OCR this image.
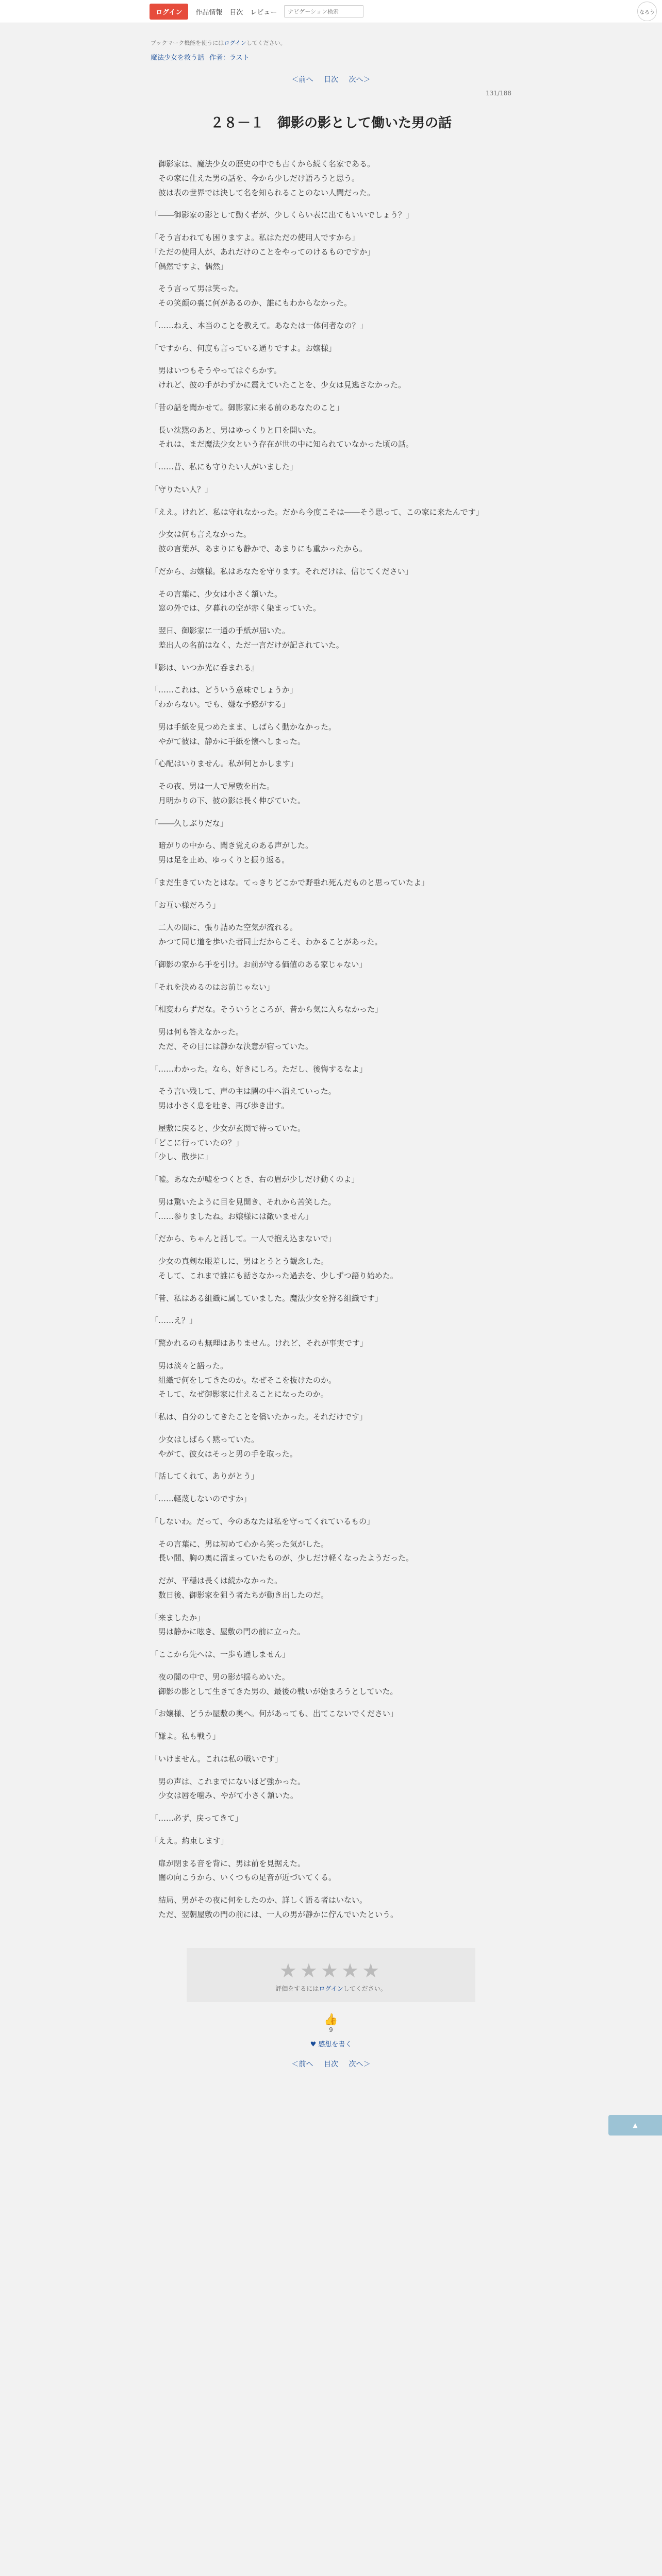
ログイン	作品情報 目次 レビュー
ナビゲーション検索	なろう
ブックマーク機能を使うにはログインしてください。
魔法少女を救う話 作者：ラスト
＜前へ 目次 次へ＞
131/188
２８－１　御影の影として働いた男の話

　御影家は、魔法少女の歴史の中でも古くから続く名家である。
　その家に仕えた男の話を、今から少しだけ語ろうと思う。
　彼は表の世界では決して名を知られることのない人間だった。

「――御影家の影として動く者が、少しくらい表に出てもいいでしょう？」

「そう言われても困りますよ。私はただの使用人ですから」
「ただの使用人が、あれだけのことをやってのけるものですか」
「偶然ですよ、偶然」

　そう言って男は笑った。
　その笑顔の裏に何があるのか、誰にもわからなかった。

「……ねえ、本当のことを教えて。あなたは一体何者なの？」

「ですから、何度も言っている通りですよ。お嬢様」

　男はいつもそうやってはぐらかす。
　けれど、彼の手がわずかに震えていたことを、少女は見逃さなかった。

「昔の話を聞かせて。御影家に来る前のあなたのこと」

　長い沈黙のあと、男はゆっくりと口を開いた。
　それは、まだ魔法少女という存在が世の中に知られていなかった頃の話。

「……昔、私にも守りたい人がいました」

「守りたい人？」

「ええ。けれど、私は守れなかった。だから今度こそは――そう思って、この家に来たんです」

　少女は何も言えなかった。
　彼の言葉が、あまりにも静かで、あまりにも重かったから。

「だから、お嬢様。私はあなたを守ります。それだけは、信じてください」

　その言葉に、少女は小さく頷いた。
　窓の外では、夕暮れの空が赤く染まっていた。

　翌日、御影家に一通の手紙が届いた。
　差出人の名前はなく、ただ一言だけが記されていた。

『影は、いつか光に呑まれる』

「……これは、どういう意味でしょうか」
「わからない。でも、嫌な予感がする」

　男は手紙を見つめたまま、しばらく動かなかった。
　やがて彼は、静かに手紙を懐へしまった。

「心配はいりません。私が何とかします」

　その夜、男は一人で屋敷を出た。
　月明かりの下、彼の影は長く伸びていた。

「――久しぶりだな」

　暗がりの中から、聞き覚えのある声がした。
　男は足を止め、ゆっくりと振り返る。

「まだ生きていたとはな。てっきりどこかで野垂れ死んだものと思っていたよ」

「お互い様だろう」

　二人の間に、張り詰めた空気が流れる。
　かつて同じ道を歩いた者同士だからこそ、わかることがあった。

「御影の家から手を引け。お前が守る価値のある家じゃない」

「それを決めるのはお前じゃない」

「相変わらずだな。そういうところが、昔から気に入らなかった」

　男は何も答えなかった。
　ただ、その目には静かな決意が宿っていた。

「……わかった。なら、好きにしろ。ただし、後悔するなよ」

　そう言い残して、声の主は闇の中へ消えていった。
　男は小さく息を吐き、再び歩き出す。

　屋敷に戻ると、少女が玄関で待っていた。
「どこに行っていたの？」
「少し、散歩に」

「嘘。あなたが嘘をつくとき、右の眉が少しだけ動くのよ」

　男は驚いたように目を見開き、それから苦笑した。
「……参りましたね。お嬢様には敵いません」

「だから、ちゃんと話して。一人で抱え込まないで」

　少女の真剣な眼差しに、男はとうとう観念した。
　そして、これまで誰にも話さなかった過去を、少しずつ語り始めた。

「昔、私はある組織に属していました。魔法少女を狩る組織です」

「……え？」

「驚かれるのも無理はありません。けれど、それが事実です」

　男は淡々と語った。
　組織で何をしてきたのか。なぜそこを抜けたのか。
　そして、なぜ御影家に仕えることになったのか。

「私は、自分のしてきたことを償いたかった。それだけです」

　少女はしばらく黙っていた。
　やがて、彼女はそっと男の手を取った。

「話してくれて、ありがとう」

「……軽蔑しないのですか」

「しないわ。だって、今のあなたは私を守ってくれているもの」

　その言葉に、男は初めて心から笑った気がした。
　長い間、胸の奥に溜まっていたものが、少しだけ軽くなったようだった。

　だが、平穏は長くは続かなかった。
　数日後、御影家を狙う者たちが動き出したのだ。

「来ましたか」
　男は静かに呟き、屋敷の門の前に立った。

「ここから先へは、一歩も通しません」

　夜の闇の中で、男の影が揺らめいた。
　御影の影として生きてきた男の、最後の戦いが始まろうとしていた。

「お嬢様、どうか屋敷の奥へ。何があっても、出てこないでください」

「嫌よ。私も戦う」

「いけません。これは私の戦いです」

　男の声は、これまでにないほど強かった。
　少女は唇を噛み、やがて小さく頷いた。

「……必ず、戻ってきて」

「ええ。約束します」

　扉が閉まる音を背に、男は前を見据えた。
　闇の向こうから、いくつもの足音が近づいてくる。

　結局、男がその夜に何をしたのか、詳しく語る者はいない。
　ただ、翌朝屋敷の門の前には、一人の男が静かに佇んでいたという。

★★★★★
評価をするにはログインしてください。
👍
9
♥ 感想を書く
＜前へ 目次 次へ＞
▲
